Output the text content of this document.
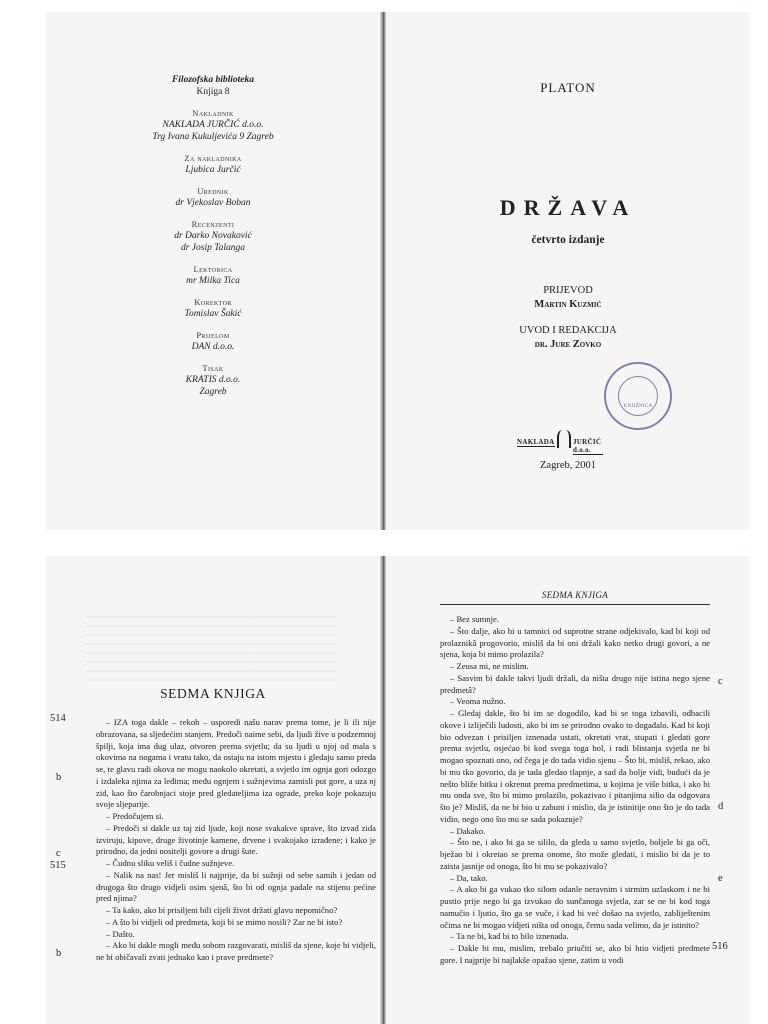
Filozofska biblioteka
Knjiga 8
Nakladnik
NAKLADA JURČIĆ d.o.o.
Trg Ivana Kukuljevića 9 Zagreb
Za nakladnika
Ljubica Jurčić
Urednik
dr Vjekoslav Boban
Recenzenti
dr Darko Novaković
dr Josip Talanga
Lektorica
mr Milka Tica
Korektor
Tomislav Šakić
Prijelom
DAN d.o.o.
Tisak
KRATIS d.o.o.
Zagreb
PLATON
DRŽAVA
četvrto izdanje
PRIJEVOD
Martin Kuzmić
UVOD I REDAKCIJA
dr. Jure Zovko
KNJIŽNICA
NAKLADA	JURČIĆ d.o.o.
Zagreb, 2001
SEDMA KNJIGA
514
b
c
515
b

– IZA toga dakle – rekoh – usporedi našu narav prema tome, je li ili nije obrazovana, sa sljedećim stanjem. Predoči naime sebi, da ljudi žive u podzemnoj špilji, koja ima dug ulaz, otvoren prema svjetlu; da su ljudi u njoj od mala s okovima na nogama i vratu tako, da ostaju na istom mjestu i gledaju samo preda se, te glavu radi okova ne mogu naokolo okretati, a svjetlo im ognja gori odozgo i izdaleka njima za leđima; među ognjem i sužnjevima zamisli put gore, a uza nj zid, kao što čarobnjaci stoje pred gledateljima iza ograde, preko koje pokazuju svoje sljeparije.

– Predočujem si.

– Predoči si dakle uz taj zid ljude, koji nose svakakve sprave, što izvad zida izviruju, kipove, druge životinje kamene, drvene i svakojako izrađene; i kako je prirodno, da jedni nositelji govore a drugi šute.

– Čudnu sliku veliš i čudne sužnjeve.

– Nalik na nas! Jer misliš li najprije, da bi sužnji od sebe samih i jedan od drugoga što drugo vidjeli osim sjenâ, što bi od ognja padale na stijenu pećine pred njima?

– Ta kako, ako bi prisiljeni bili cijeli život držati glavu nepomično?

– A što bi vidjeli od predmeta, koji bi se mimo nosili? Zar ne bi isto?

– Dašto.

– Ako bi dakle mogli među sobom razgovarati, misliš da sjene, koje bi vidjeli, ne bi običavali zvati jednako kao i prave predmete?

SEDMA KNJIGA
c
d
e
516

– Bez sumnje.

– Što dalje, ako bi u tamnici od suprotne strane odjekivalo, kad bi koji od prolaznikâ progovorio, misliš da bi oni držali kako netko drugi govori, a ne sjena, koja bi mimo prolazila?

– Zeusa mi, ne mislim.

– Sasvim bi dakle takvi ljudi držali, da ništa drugo nije istina nego sjene predmetâ?

– Veoma nužno.

– Gledaj dakle, što bi im se dogodilo, kad bi se toga izbavili, odbacili okove i izliječili ludosti, ako bi im se prirodno ovako to događalo. Kad bi koji bio odvezan i prisiljen iznenada ustati, okretati vrat, stupati i gledati gore prema svjetlu, osjećao bi kod svega toga bol, i radi blistanja svjetla ne bi mogao spoznati ono, od čega je do tada vidio sjenu – Što bi, misliš, rekao, ako bi mu tko govorio, da je tada gledao tlapnje, a sad da bolje vidi, budući da je nešto bliže bitku i okrenut prema predmetima, u kojima je više bitka, i ako bi mu onda sve, što bi mimo prolazilo, pokazivao i pitanjima silio da odgovara što je? Misliš, da ne bi bio u zabuni i mislio, da je istinitije ono što je do tada vidio, nego ono što mu se sada pokazuje?

– Dakako.

– Što ne, i ako bi ga se sililo, da gleda u samo svjetlo, boljele bi ga oči, bježao bi i okretao se prema onome, što može gledati, i mislio bi da je to zaista jasnije od onoga, što bi mu se pokazivalo?

– Da, tako.

– A ako bi ga vukao tko silom odanle neravnim i strmim uzlaskom i ne bi pustio prije nego bi ga izvukao do sunčanoga svjetla, zar se ne bi kod toga namučio i ljutio, što ga se vuče, i kad bi već došao na svjetlo, zabliještenim očima ne bi mogao vidjeti ništa od onoga, čemu sada velimo, da je istinito?

– Ta ne bi, kad bi to bilo iznenada.

– Dakle bi mu, mislim, trebalo priučiti se, ako bi htio vidjeti predmete gore. I najprije bi najlakše opažao sjene, zatim u vodi
